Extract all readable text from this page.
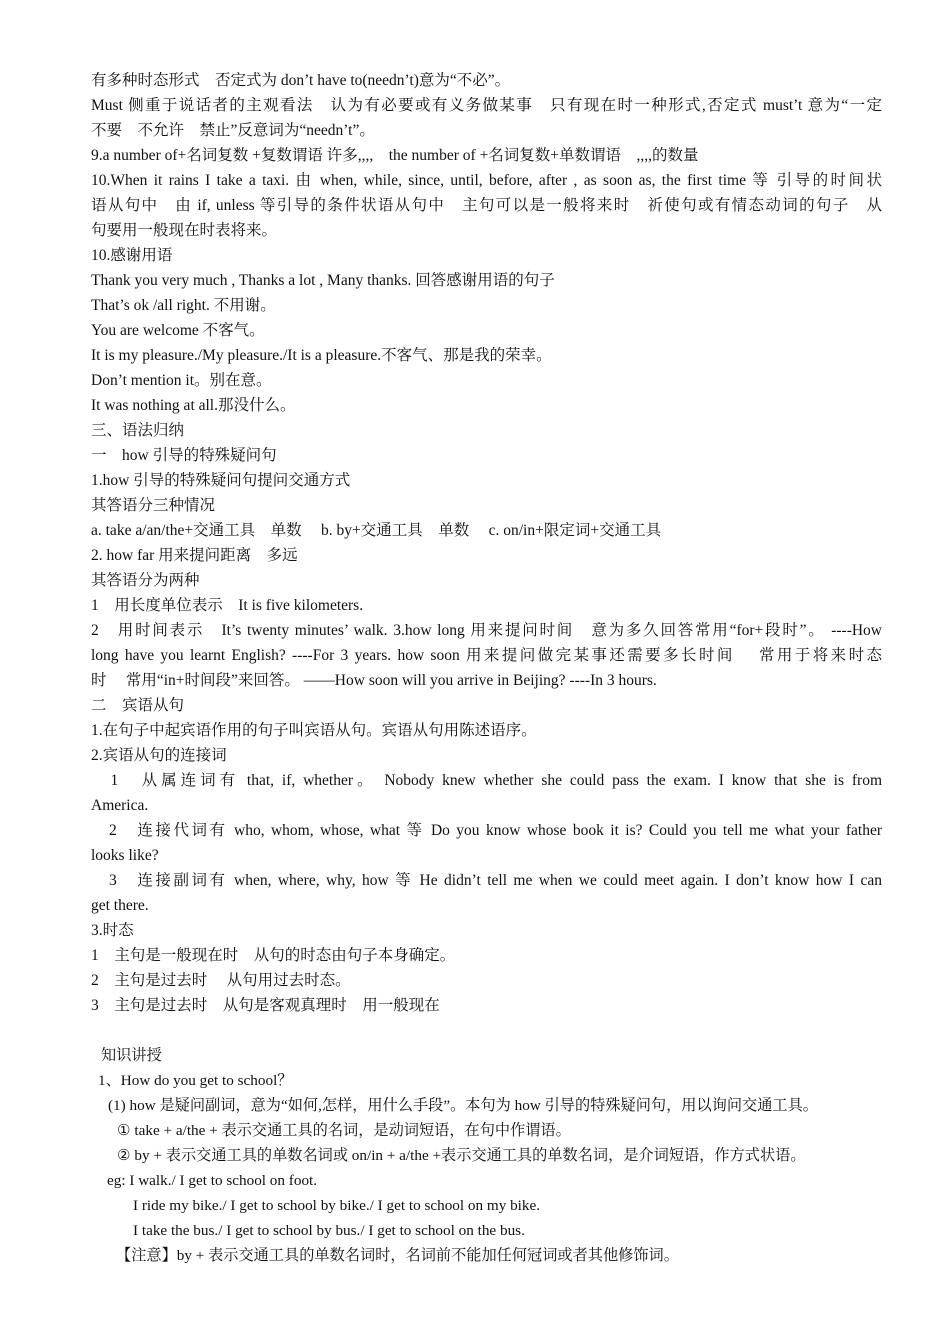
有多种时态形式　否定式为 don’t have to(needn’t)意为“不必”。
Must 侧重于说话者的主观看法　认为有必要或有义务做某事　只有现在时一种形式,否定式 must’t 意为“一定
不要　不允许　禁止”反意词为“needn’t”。
9.a number of+名词复数 +复数谓语 许多,,,,　the number of +名词复数+单数谓语　,,,,的数量
10.When it rains I take a taxi. 由 when, while, since, until, before, after , as soon as, the first time 等 引导的时间状
语从句中　由 if, unless 等引导的条件状语从句中　主句可以是一般将来时　祈使句或有情态动词的句子　从
句要用一般现在时表将来。
10.感谢用语
Thank you very much , Thanks a lot , Many thanks. 回答感谢用语的句子
That’s ok /all right. 不用谢。
You are welcome 不客气。
It is my pleasure./My pleasure./It is a pleasure.不客气、那是我的荣幸。
Don’t mention it。别在意。
It was nothing at all.那没什么。
三、语法归纳
一　how 引导的特殊疑问句
1.how 引导的特殊疑问句提问交通方式
其答语分三种情况
a. take a/an/the+交通工具　单数　 b. by+交通工具　单数　 c. on/in+限定词+交通工具
2. how far 用来提问距离　多远
其答语分为两种
1　用长度单位表示　It is five kilometers.
2　用时间表示　It’s twenty minutes’ walk. 3.how long 用来提问时间　意为多久回答常用“for+段时”。 ----How
long have you learnt English? ----For 3 years. how soon 用来提问做完某事还需要多长时间　 常用于将来时态
时　 常用“in+时间段”来回答。 ——How soon will you arrive in Beijing? ----In 3 hours.
二　宾语从句
1.在句子中起宾语作用的句子叫宾语从句。宾语从句用陈述语序。
2.宾语从句的连接词
　1　从属连词有 that, if, whether。 Nobody knew whether she could pass the exam. I know that she is from
America.
　2　连接代词有 who, whom, whose, what 等 Do you know whose book it is? Could you tell me what your father
looks like?
　3　连接副词有 when, where, why, how 等 He didn’t tell me when we could meet again. I don’t know how I can
get there.
3.时态
1　主句是一般现在时　从句的时态由句子本身确定。
2　主句是过去时　 从句用过去时态。
3　主句是过去时　从句是客观真理时　用一般现在
知识讲授
1、How do you get to school？
(1) how 是疑问副词，意为“如何,怎样，用什么手段”。本句为 how 引导的特殊疑问句，用以询问交通工具。
① take + a/the + 表示交通工具的名词，是动词短语，在句中作谓语。
② by + 表示交通工具的单数名词或 on/in + a/the +表示交通工具的单数名词，是介词短语，作方式状语。
eg: I walk./ I get to school on foot.
I ride my bike./ I get to school by bike./ I get to school on my bike.
I take the bus./ I get to school by bus./ I get to school on the bus.
【注意】by + 表示交通工具的单数名词时，名词前不能加任何冠词或者其他修饰词。
